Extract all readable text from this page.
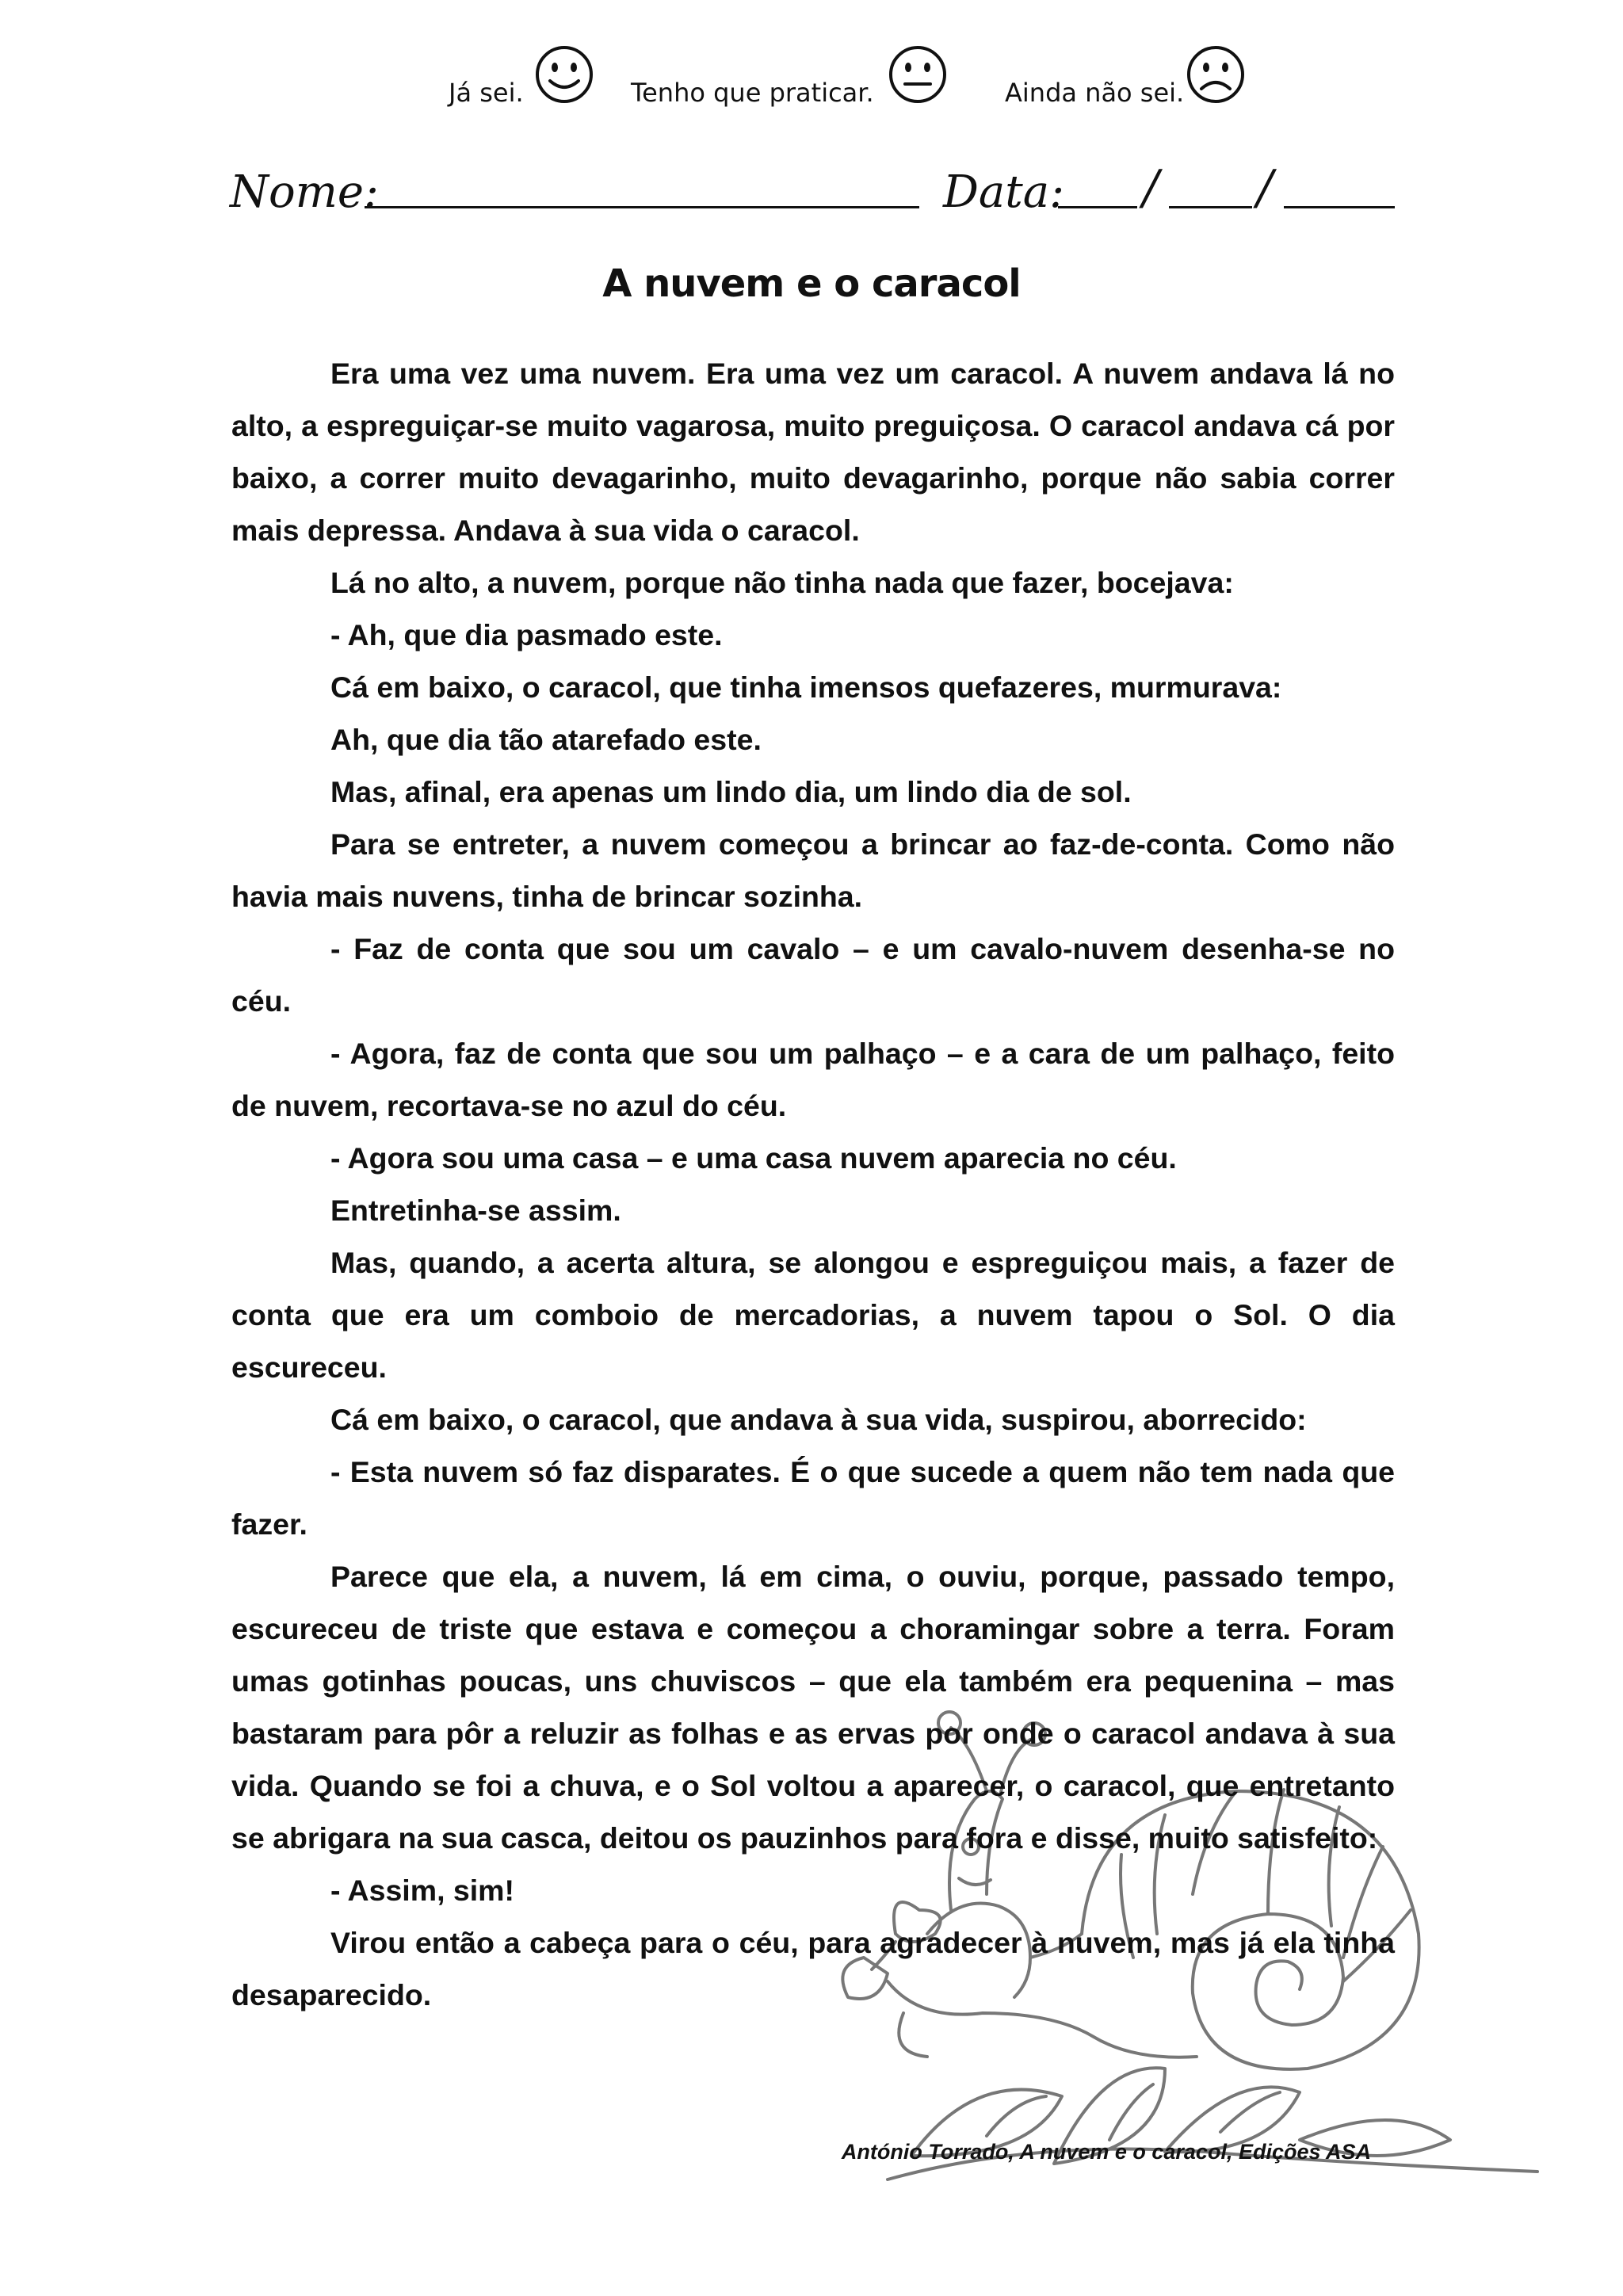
Já sei.	Tenho que praticar.	Ainda não sei.
Nome:	Data: / /
A nuvem e o caracol

Era uma vez uma nuvem. Era uma vez um caracol. A nuvem andava lá no alto, a espreguiçar-se muito vagarosa, muito preguiçosa. O caracol andava cá por baixo, a correr muito devagarinho, muito devagarinho, porque não sabia correr mais depressa. Andava à sua vida o caracol.

Lá no alto, a nuvem, porque não tinha nada que fazer, bocejava:

- Ah, que dia pasmado este.

Cá em baixo, o caracol, que tinha imensos quefazeres, murmurava:

Ah, que dia tão atarefado este.

Mas, afinal, era apenas um lindo dia, um lindo dia de sol.

Para se entreter, a nuvem começou a brincar ao faz-de-conta. Como não havia mais nuvens, tinha de brincar sozinha.

- Faz de conta que sou um cavalo – e um cavalo-nuvem desenha-se no céu.

- Agora, faz de conta que sou um palhaço – e a cara de um palhaço, feito de nuvem, recortava-se no azul do céu.

- Agora sou uma casa – e uma casa nuvem aparecia no céu.

Entretinha-se assim.

Mas, quando, a acerta altura, se alongou e espreguiçou mais, a fazer de conta que era um comboio de mercadorias, a nuvem tapou o Sol. O dia escureceu.

Cá em baixo, o caracol, que andava à sua vida, suspirou, aborrecido:

- Esta nuvem só faz disparates. É o que sucede a quem não tem nada que fazer.

Parece que ela, a nuvem, lá em cima, o ouviu, porque, passado tempo, escureceu de triste que estava e começou a choramingar sobre a terra. Foram umas gotinhas poucas, uns chuviscos – que ela também era pequenina – mas bastaram para pôr a reluzir as folhas e as ervas por onde o caracol andava à sua vida. Quando se foi a chuva, e o Sol voltou a aparecer, o caracol, que entretanto se abrigara na sua casca, deitou os pauzinhos para fora e disse, muito satisfeito:

- Assim, sim!

Virou então a cabeça para o céu, para agradecer à nuvem, mas já ela tinha desaparecido.

António Torrado, A nuvem e o caracol, Edições ASA
